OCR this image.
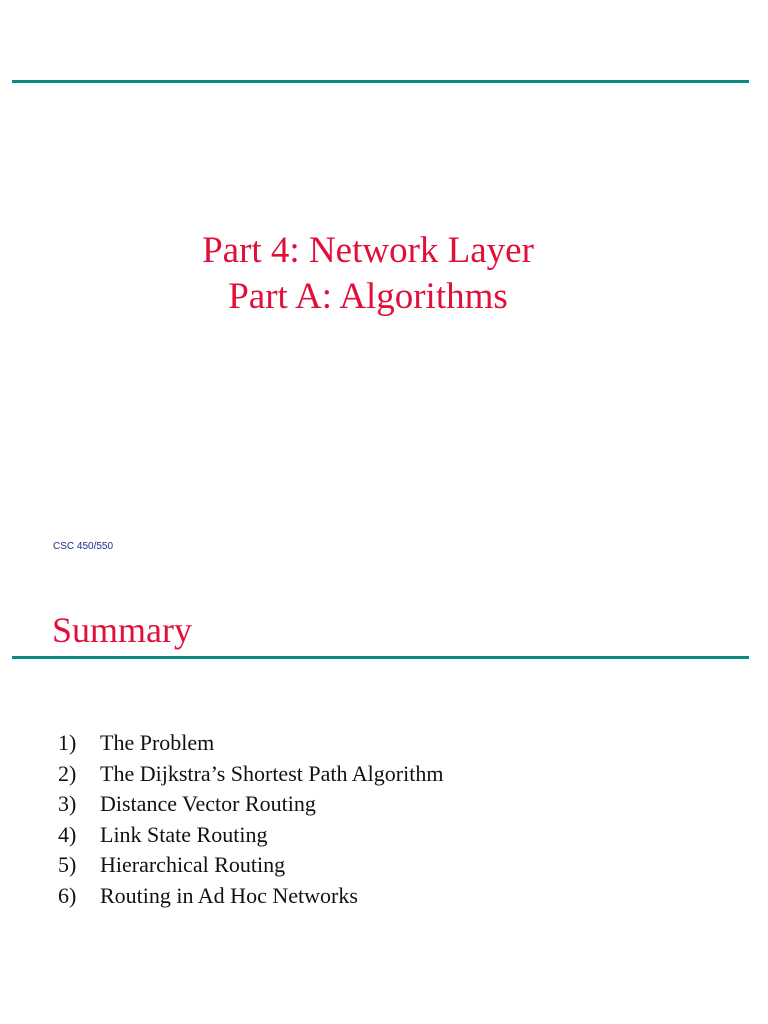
Part 4: Network Layer
Part A: Algorithms
CSC 450/550
Summary
1)	The Problem
2)	The Dijkstra’s Shortest Path Algorithm
3)	Distance Vector Routing
4)	Link State Routing
5)	Hierarchical Routing
6)	Routing in Ad Hoc Networks
